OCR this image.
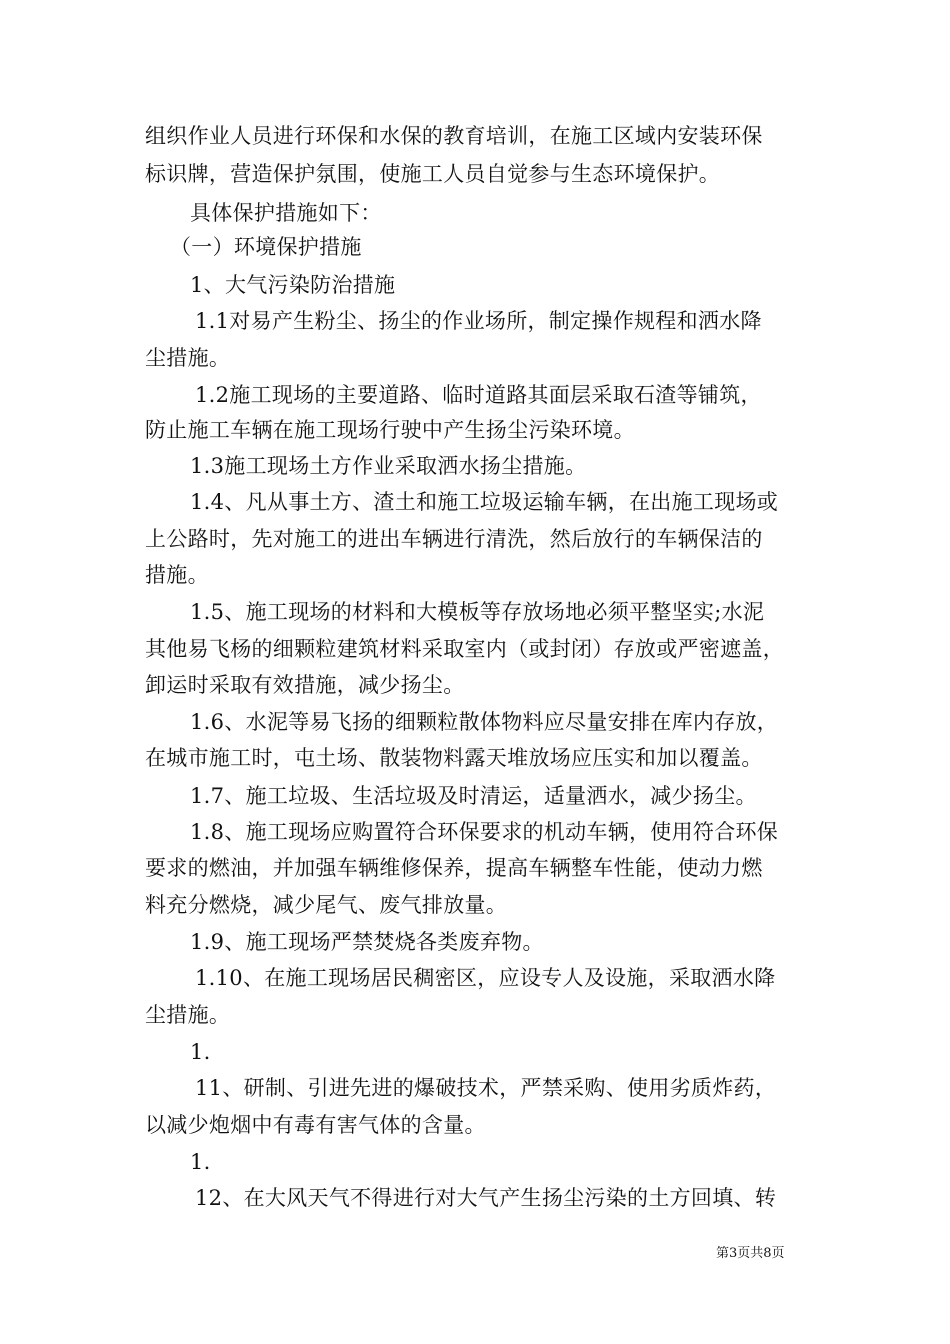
组织作业人员进行环保和水保的教育培训，在施工区域内安装环保
标识牌，营造保护氛围，使施工人员自觉参与生态环境保护。
具体保护措施如下：
（一）环境保护措施
1、大气污染防治措施
1.1对易产生粉尘、扬尘的作业场所，制定操作规程和洒水降
尘措施。
1.2施工现场的主要道路、临时道路其面层采取石渣等铺筑，
防止施工车辆在施工现场行驶中产生扬尘污染环境。
1.3施工现场土方作业采取洒水扬尘措施。
1.4、凡从事土方、渣土和施工垃圾运输车辆，在出施工现场或
上公路时，先对施工的进出车辆进行清洗，然后放行的车辆保洁的
措施。
1.5、施工现场的材料和大模板等存放场地必须平整坚实;水泥
其他易飞杨的细颗粒建筑材料采取室内（或封闭）存放或严密遮盖，
卸运时采取有效措施，减少扬尘。
1.6、水泥等易飞扬的细颗粒散体物料应尽量安排在库内存放，
在城市施工时，屯土场、散装物料露天堆放场应压实和加以覆盖。
1.7、施工垃圾、生活垃圾及时清运，适量洒水，减少扬尘。
1.8、施工现场应购置符合环保要求的机动车辆，使用符合环保
要求的燃油，并加强车辆维修保养，提高车辆整车性能，使动力燃
料充分燃烧，减少尾气、废气排放量。
1.9、施工现场严禁焚烧各类废弃物。
1.10、在施工现场居民稠密区，应设专人及设施，采取洒水降
尘措施。
1.
11、研制、引进先进的爆破技术，严禁采购、使用劣质炸药，
以减少炮烟中有毒有害气体的含量。
1.
12、在大风天气不得进行对大气产生扬尘污染的土方回填、转
第3页共8页
